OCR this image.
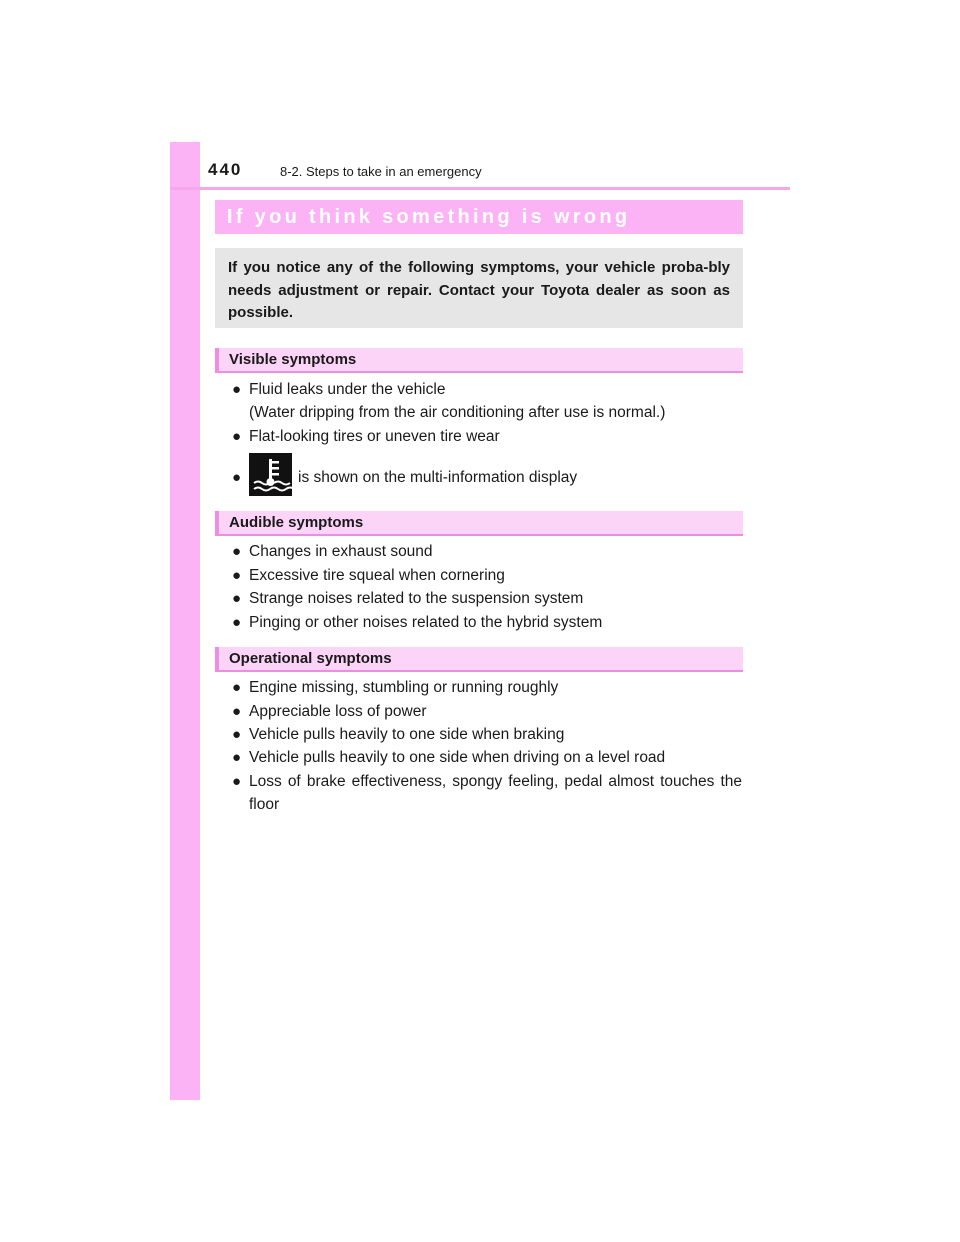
440	8-2. Steps to take in an emergency
If you think something is wrong
If you notice any of the following symptoms, your vehicle proba-bly needs adjustment or repair. Contact your Toyota dealer as soon as possible.
Visible symptoms
● Fluid leaks under the vehicle
(Water dripping from the air conditioning after use is normal.)
● Flat-looking tires or uneven tire wear
●	is shown on the multi-information display
Audible symptoms
● Changes in exhaust sound
● Excessive tire squeal when cornering
● Strange noises related to the suspension system
● Pinging or other noises related to the hybrid system
Operational symptoms
● Engine missing, stumbling or running roughly
● Appreciable loss of power
● Vehicle pulls heavily to one side when braking
● Vehicle pulls heavily to one side when driving on a level road
● Loss of brake effectiveness, spongy feeling, pedal almost touches the floor
